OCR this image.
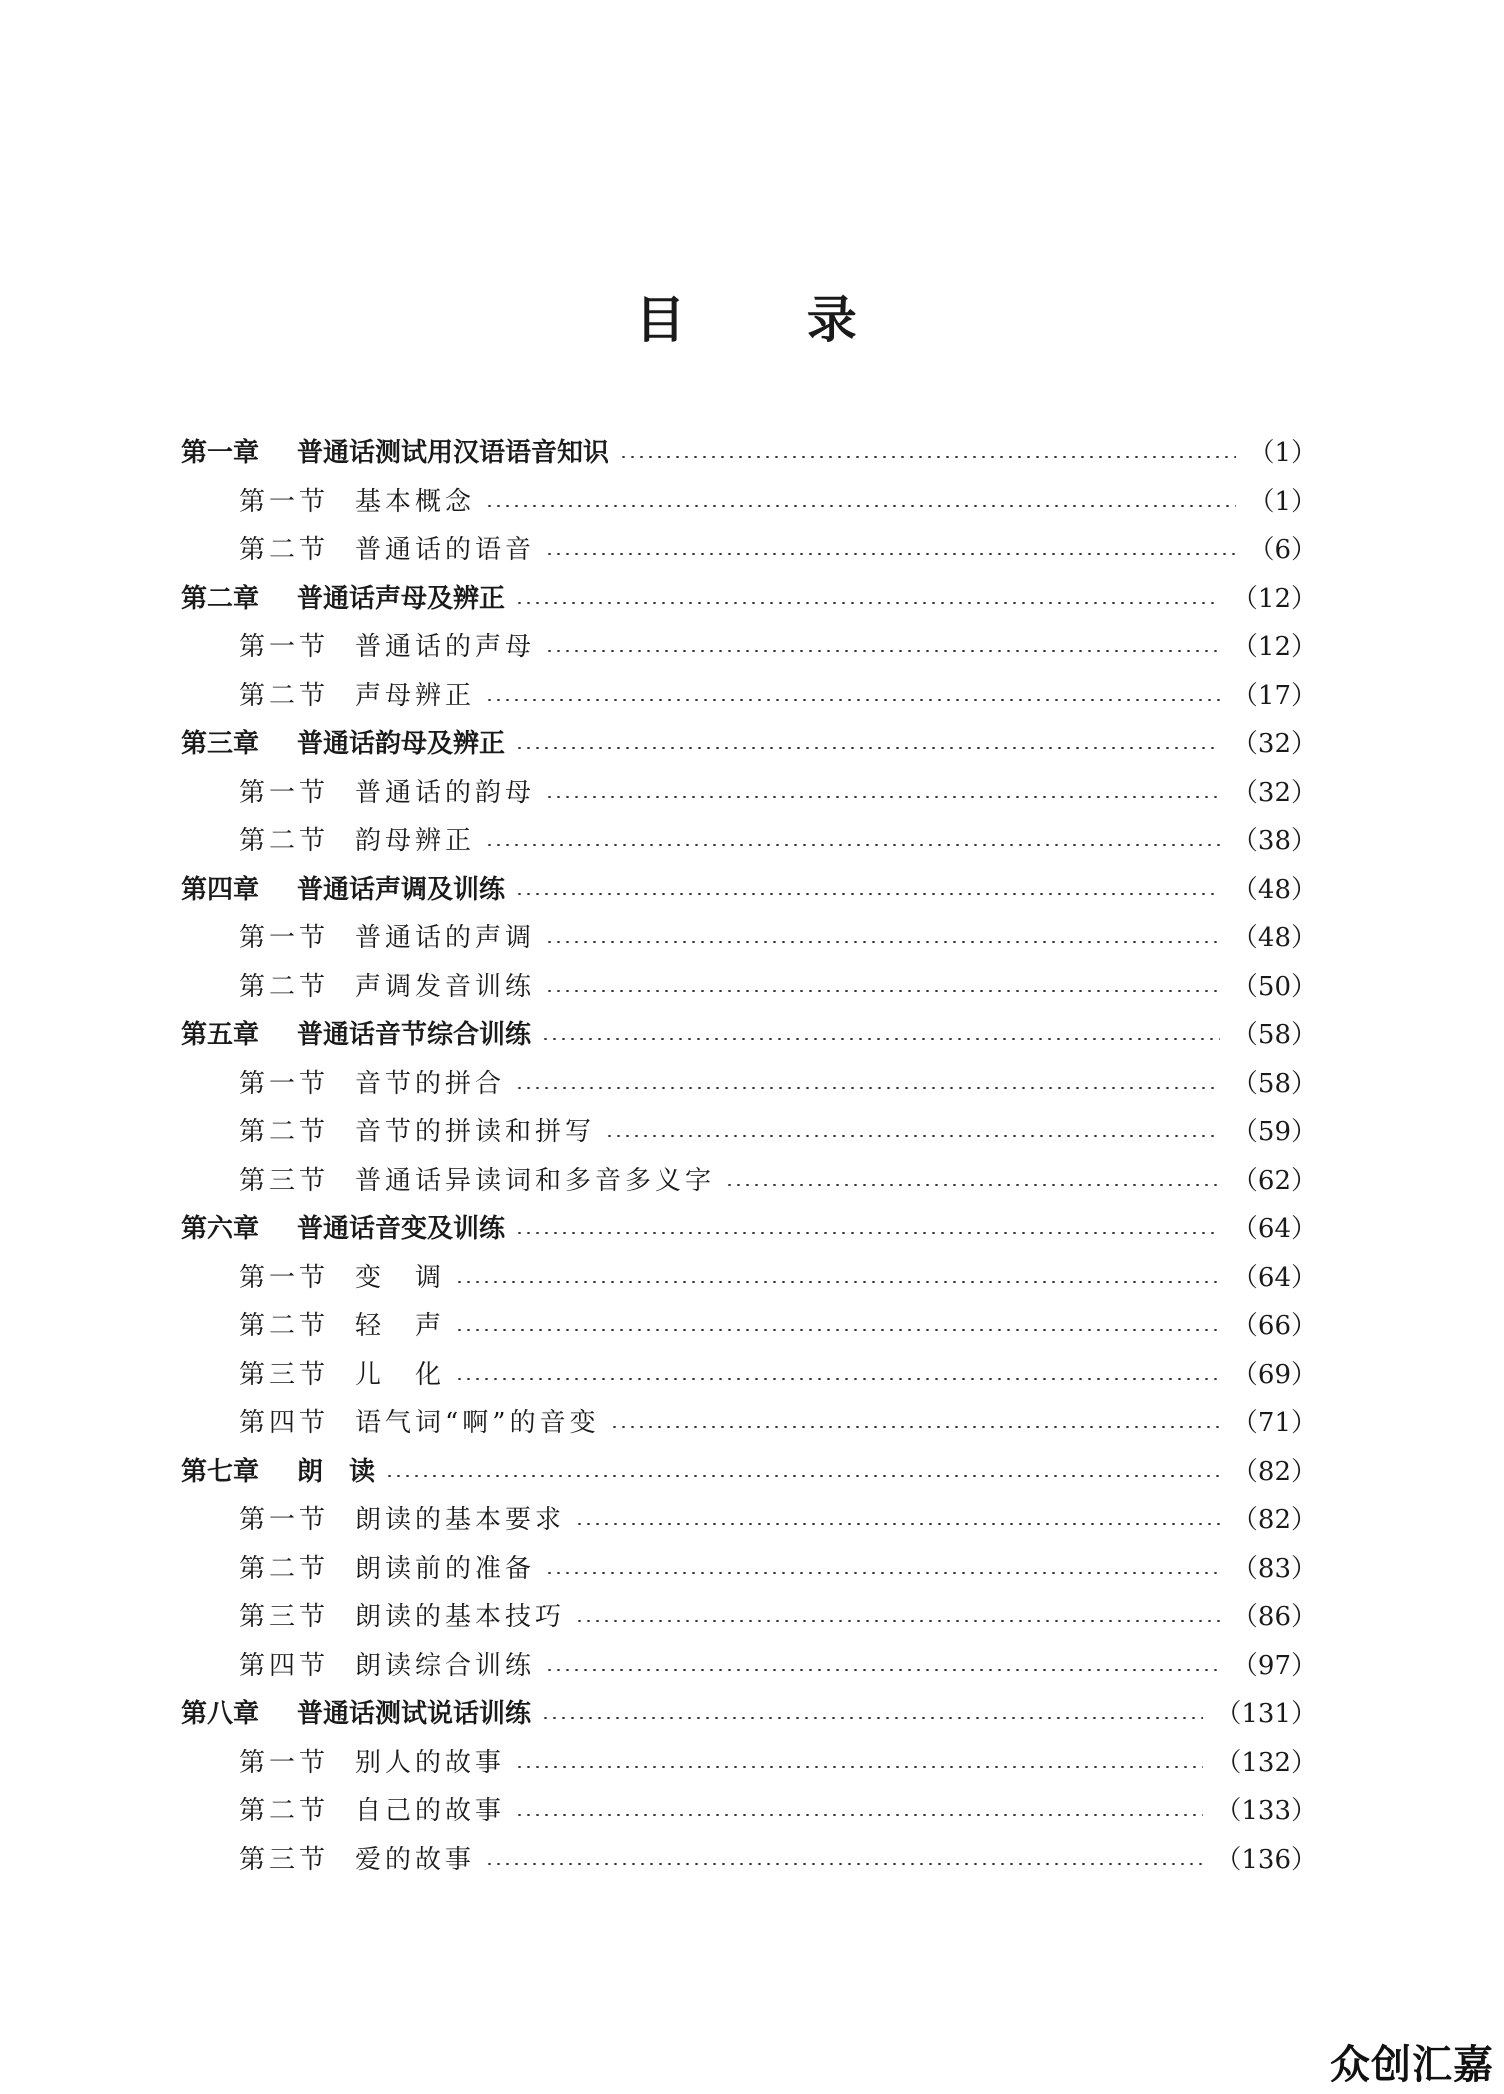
目 录
第一章	普通话测试用汉语语音知识	（1）
第一节 基本概念	（1）
第二节 普通话的语音	（6）
第二章	普通话声母及辨正	（12）
第一节 普通话的声母	（12）
第二节 声母辨正	（17）
第三章	普通话韵母及辨正	（32）
第一节 普通话的韵母	（32）
第二节 韵母辨正	（38）
第四章	普通话声调及训练	（48）
第一节 普通话的声调	（48）
第二节 声调发音训练	（50）
第五章	普通话音节综合训练	（58）
第一节 音节的拼合	（58）
第二节 音节的拼读和拼写	（59）
第三节 普通话异读词和多音多义字	（62）
第六章	普通话音变及训练	（64）
第一节 变　调	（64）
第二节 轻　声	（66）
第三节 儿　化	（69）
第四节 语气词“啊”的音变	（71）
第七章	朗　读	（82）
第一节 朗读的基本要求	（82）
第二节 朗读前的准备	（83）
第三节 朗读的基本技巧	（86）
第四节 朗读综合训练	（97）
第八章	普通话测试说话训练	（131）
第一节 别人的故事	（132）
第二节 自己的故事	（133）
第三节 爱的故事	（136）
众创汇嘉
